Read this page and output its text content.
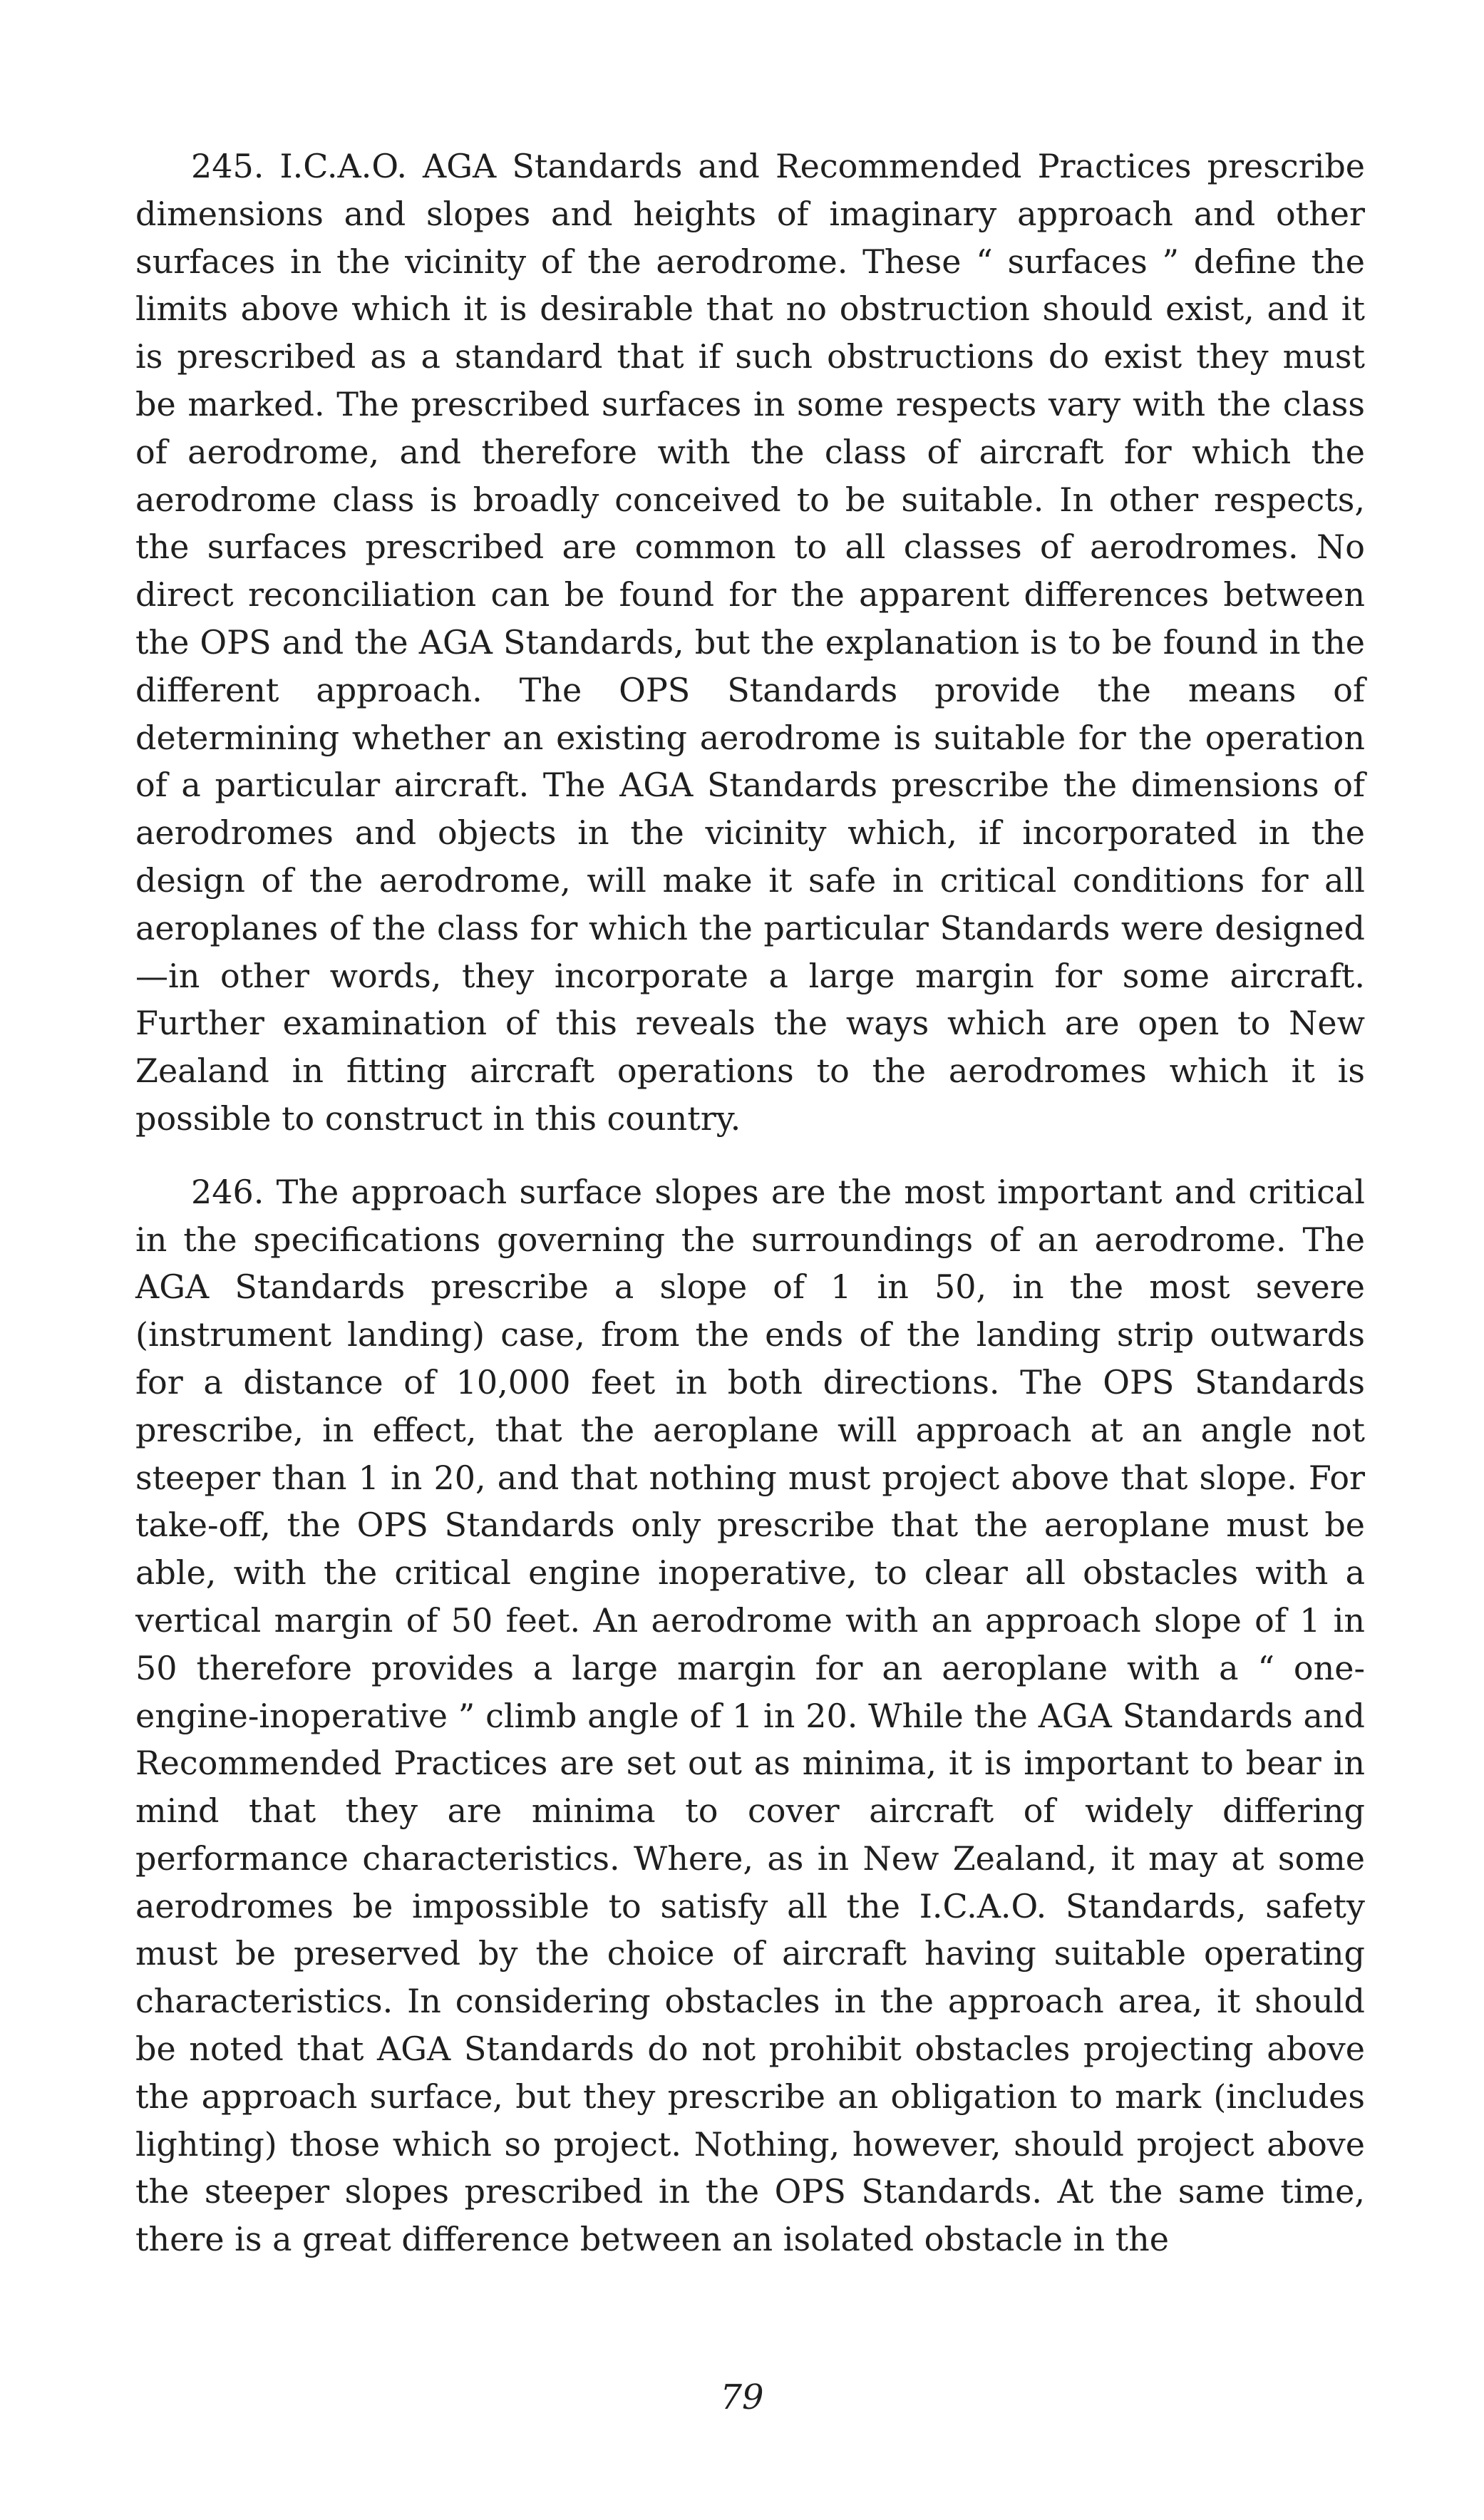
245. I.C.A.O. AGA Standards and Recommended Practices prescribe dimensions and slopes and heights of imaginary approach and other surfaces in the vicinity of the aerodrome. These “ surfaces ” define the limits above which it is desirable that no obstruction should exist, and it is prescribed as a standard that if such obstructions do exist they must be marked. The prescribed surfaces in some respects vary with the class of aerodrome, and therefore with the class of aircraft for which the aerodrome class is broadly conceived to be suitable. In other respects, the surfaces prescribed are common to all classes of aerodromes. No direct reconciliation can be found for the apparent differences between the OPS and the AGA Standards, but the explanation is to be found in the different approach. The OPS Standards provide the means of determining whether an existing aerodrome is suitable for the operation of a particular aircraft. The AGA Standards prescribe the dimensions of aerodromes and objects in the vicinity which, if incorporated in the design of the aerodrome, will make it safe in critical conditions for all aeroplanes of the class for which the particular Standards were designed—in other words, they incorporate a large margin for some aircraft. Further examination of this reveals the ways which are open to New Zealand in fitting aircraft operations to the aerodromes which it is possible to construct in this country.

246. The approach surface slopes are the most important and critical in the specifications governing the surroundings of an aerodrome. The AGA Standards prescribe a slope of 1 in 50, in the most severe (instrument landing) case, from the ends of the landing strip outwards for a distance of 10,000 feet in both directions. The OPS Standards prescribe, in effect, that the aeroplane will approach at an angle not steeper than 1 in 20, and that nothing must project above that slope. For take-off, the OPS Standards only prescribe that the aeroplane must be able, with the critical engine inoperative, to clear all obstacles with a vertical margin of 50 feet. An aerodrome with an approach slope of 1 in 50 therefore provides a large margin for an aeroplane with a “ one-engine-inoperative ” climb angle of 1 in 20. While the AGA Standards and Recommended Practices are set out as minima, it is important to bear in mind that they are minima to cover aircraft of widely differing performance characteristics. Where, as in New Zealand, it may at some aerodromes be impossible to satisfy all the I.C.A.O. Standards, safety must be preserved by the choice of aircraft having suitable operating characteristics. In considering obstacles in the approach area, it should be noted that AGA Standards do not prohibit obstacles projecting above the approach surface, but they prescribe an obligation to mark (includes lighting) those which so project. Nothing, however, should project above the steeper slopes prescribed in the OPS Standards. At the same time, there is a great difference between an isolated obstacle in the

79
